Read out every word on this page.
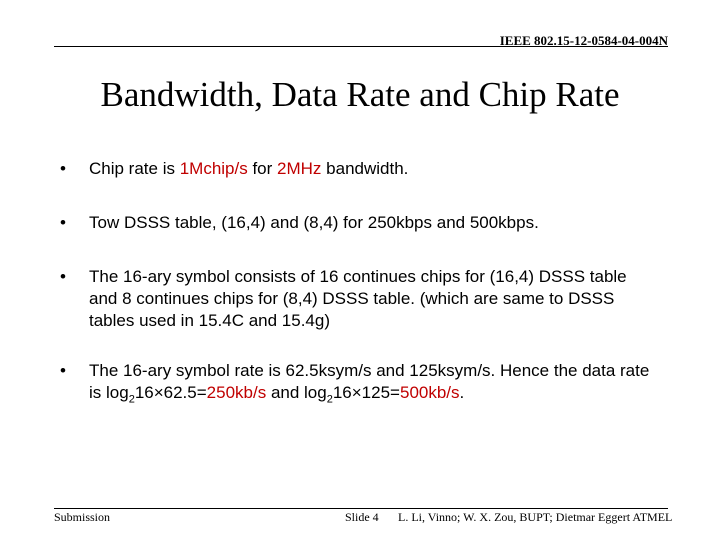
IEEE 802.15-12-0584-04-004N
Bandwidth, Data Rate and Chip Rate
• Chip rate is 1Mchip/s for 2MHz bandwidth.
• Tow DSSS table, (16,4) and (8,4) for 250kbps and 500kbps.
• The 16-ary symbol consists of 16 continues chips for (16,4) DSSS table and 8 continues chips for (8,4) DSSS table. (which are same to DSSS tables used in 15.4C and 15.4g)
• The 16-ary symbol rate is 62.5ksym/s and 125ksym/s. Hence the data rate is $\log_216\times 62.5=250kb/s$ and $\log_216\times 125=500kb/s$.
Submission	Slide 4 L. Li, Vinno; W. X. Zou, BUPT; Dietmar Eggert ATMEL
